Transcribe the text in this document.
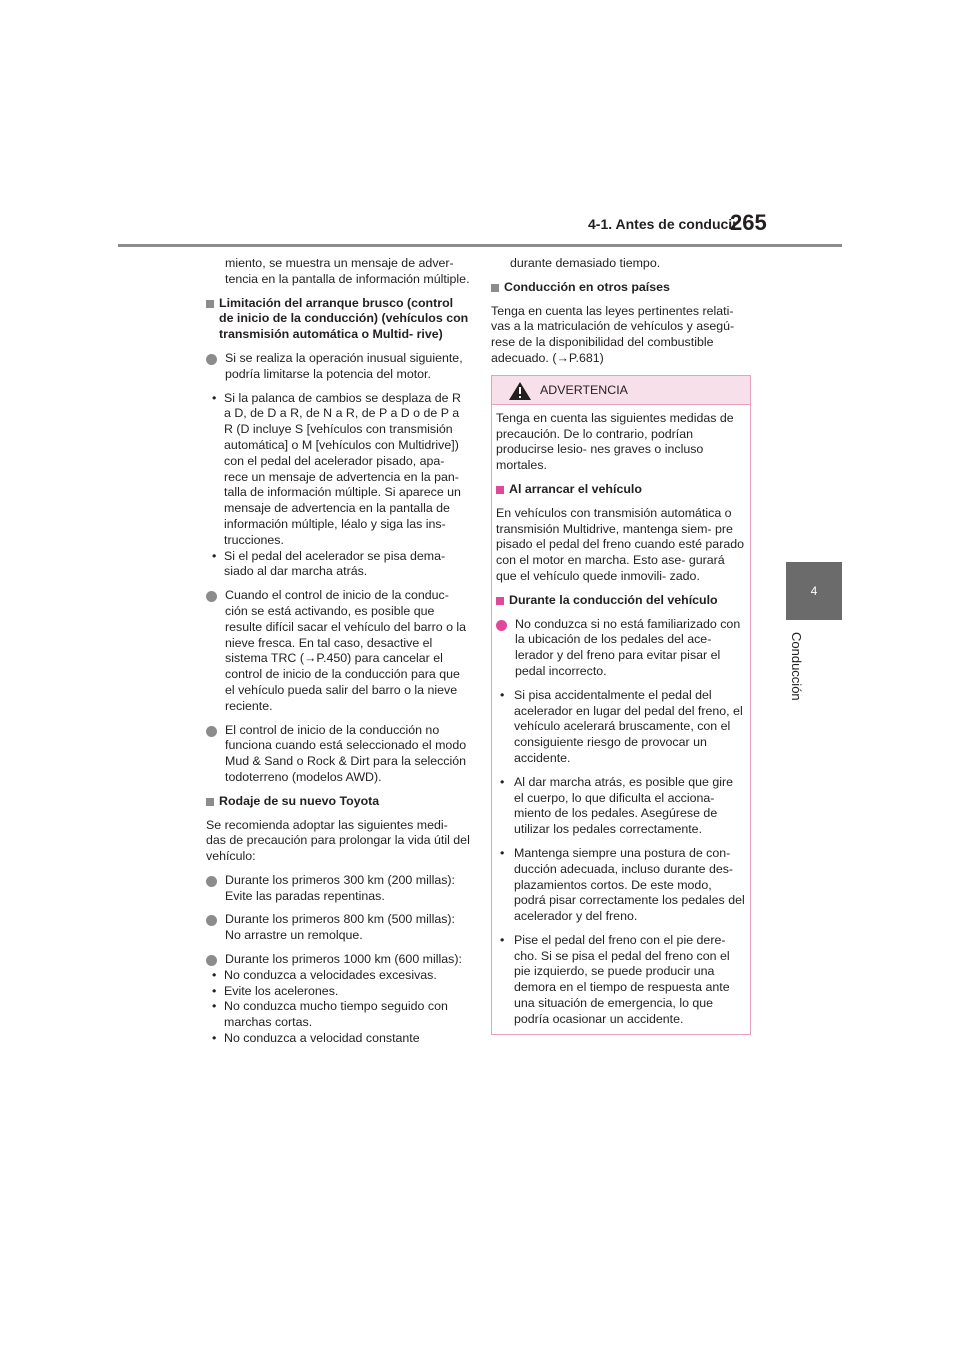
4-1. Antes de conducir
265
4
Conducción

miento, se muestra un mensaje de adver- tencia en la pantalla de información múltiple.

Limitación del arranque brusco (control de inicio de la conducción) (vehículos con transmisión automática o Multid- rive)
Si se realiza la operación inusual siguiente, podría limitarse la potencia del motor.

• Si la palanca de cambios se desplaza de R a D, de D a R, de N a R, de P a D o de P a R (D incluye S [vehículos con transmisión automática] o M [vehículos con Multidrive]) con el pedal del acelerador pisado, apa- rece un mensaje de advertencia en la pan- talla de información múltiple. Si aparece un mensaje de advertencia en la pantalla de información múltiple, léalo y siga las ins- trucciones.

• Si el pedal del acelerador se pisa dema- siado al dar marcha atrás.

Cuando el control de inicio de la conduc- ción se está activando, es posible que resulte difícil sacar el vehículo del barro o la nieve fresca. En tal caso, desactive el sistema TRC (→P.450) para cancelar el control de inicio de la conducción para que el vehículo pueda salir del barro o la nieve reciente.
El control de inicio de la conducción no funciona cuando está seleccionado el modo Mud & Sand o Rock & Dirt para la selección todoterreno (modelos AWD).
Rodaje de su nuevo Toyota

Se recomienda adoptar las siguientes medi- das de precaución para prolongar la vida útil del vehículo:

Durante los primeros 300 km (200 millas): Evite las paradas repentinas.
Durante los primeros 800 km (500 millas): No arrastre un remolque.
Durante los primeros 1000 km (600 millas):

• No conduzca a velocidades excesivas.

• Evite los acelerones.

• No conduzca mucho tiempo seguido con marchas cortas.

• No conduzca a velocidad constante

durante demasiado tiempo.

Conducción en otros países

Tenga en cuenta las leyes pertinentes relati- vas a la matriculación de vehículos y asegú- rese de la disponibilidad del combustible adecuado. (→P.681)

ADVERTENCIA

Tenga en cuenta las siguientes medidas de precaución. De lo contrario, podrían producirse lesio- nes graves o incluso mortales.

Al arrancar el vehículo

En vehículos con transmisión automática o transmisión Multidrive, mantenga siem- pre pisado el pedal del freno cuando esté parado con el motor en marcha. Esto ase- gurará que el vehículo quede inmovili- zado.

Durante la conducción del vehículo
No conduzca si no está familiarizado con la ubicación de los pedales del ace- lerador y del freno para evitar pisar el pedal incorrecto.

• Si pisa accidentalmente el pedal del acelerador en lugar del pedal del freno, el vehículo acelerará bruscamente, con el consiguiente riesgo de provocar un accidente.

• Al dar marcha atrás, es posible que gire el cuerpo, lo que dificulta el acciona- miento de los pedales. Asegúrese de utilizar los pedales correctamente.

• Mantenga siempre una postura de con- ducción adecuada, incluso durante des- plazamientos cortos. De este modo, podrá pisar correctamente los pedales del acelerador y del freno.

• Pise el pedal del freno con el pie dere- cho. Si se pisa el pedal del freno con el pie izquierdo, se puede producir una demora en el tiempo de respuesta ante una situación de emergencia, lo que podría ocasionar un accidente.
